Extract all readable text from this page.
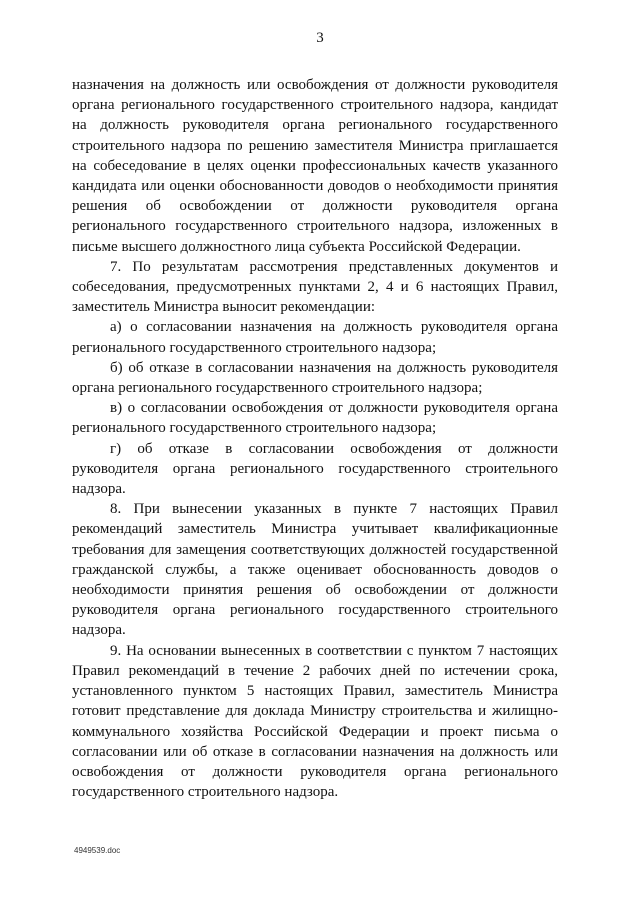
3

назначения на должность или освобождения от должности руководителя органа регионального государственного строительного надзора, кандидат на должность руководителя органа регионального государственного строительного надзора по решению заместителя Министра приглашается на собеседование в целях оценки профессиональных качеств указанного кандидата или оценки обоснованности доводов о необходимости принятия решения об освобождении от должности руководителя органа регионального государственного строительного надзора, изложенных в письме высшего должностного лица субъекта Российской Федерации.

7. По результатам рассмотрения представленных документов и собеседования, предусмотренных пунктами 2, 4 и 6 настоящих Правил, заместитель Министра выносит рекомендации:

а) о согласовании назначения на должность руководителя органа регионального государственного строительного надзора;

б) об отказе в согласовании назначения на должность руководителя органа регионального государственного строительного надзора;

в) о согласовании освобождения от должности руководителя органа регионального государственного строительного надзора;

г) об отказе в согласовании освобождения от должности руководителя органа регионального государственного строительного надзора.

8. При вынесении указанных в пункте 7 настоящих Правил рекомендаций заместитель Министра учитывает квалификационные требования для замещения соответствующих должностей государственной гражданской службы, а также оценивает обоснованность доводов о необходимости принятия решения об освобождении от должности руководителя органа регионального государственного строительного надзора.

9. На основании вынесенных в соответствии с пунктом 7 настоящих Правил рекомендаций в течение 2 рабочих дней по истечении срока, установленного пунктом 5 настоящих Правил, заместитель Министра готовит представление для доклада Министру строительства и жилищно-коммунального хозяйства Российской Федерации и проект письма о согласовании или об отказе в согласовании назначения на должность или освобождения от должности руководителя органа регионального государственного строительного надзора.

4949539.doc
